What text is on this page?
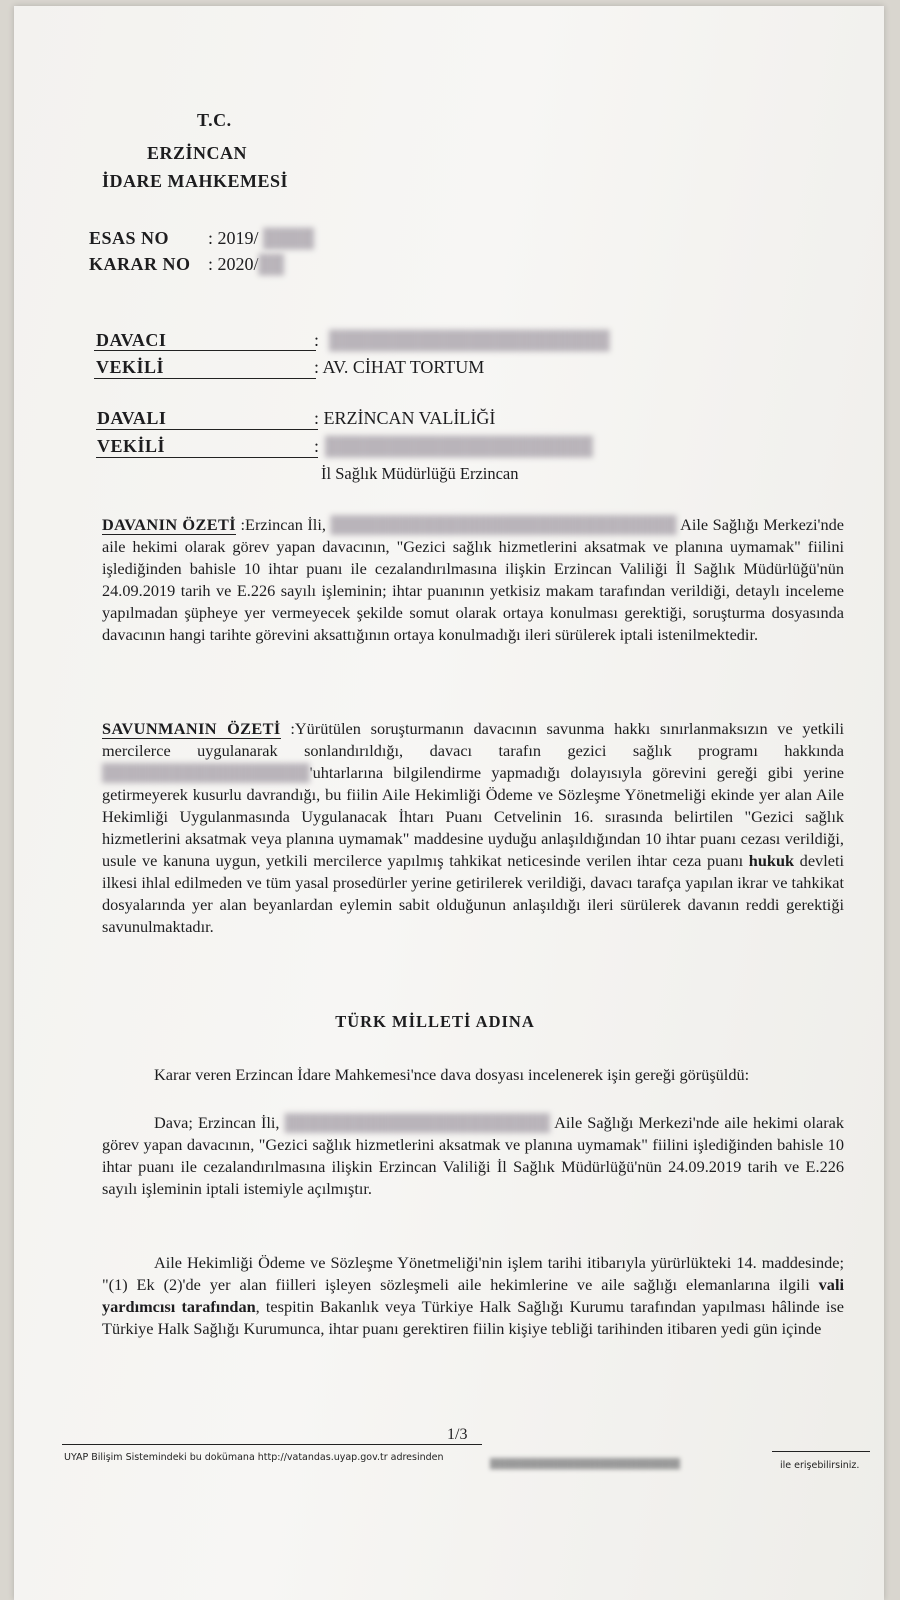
T.C.
ERZİNCAN
İDARE MAHKEMESİ
ESAS NO : 2019/ ████
KARAR NO : 2020/██
DAVACI	: ██████████████████████
VEKİLİ	: AV. CİHAT TORTUM
DAVALI	: ERZİNCAN VALİLİĞİ
VEKİLİ	: █████████████████████
İl Sağlık Müdürlüğü Erzincan
DAVANIN ÖZETİ :Erzincan İli, ██████████████████████████████ Aile Sağlığı Merkezi'nde aile hekimi olarak görev yapan davacının, "Gezici sağlık hizmetlerini aksatmak ve planına uymamak" fiilini işlediğinden bahisle 10 ihtar puanı ile cezalandırılmasına ilişkin Erzincan Valiliği İl Sağlık Müdürlüğü'nün 24.09.2019 tarih ve E.226 sayılı işleminin; ihtar puanının yetkisiz makam tarafından verildiği, detaylı inceleme yapılmadan şüpheye yer vermeyecek şekilde somut olarak ortaya konulması gerektiği, soruşturma dosyasında davacının hangi tarihte görevini aksattığının ortaya konulmadığı ileri sürülerek iptali istenilmektedir.
SAVUNMANIN ÖZETİ :Yürütülen soruşturmanın davacının savunma hakkı sınırlanmaksızın ve yetkili mercilerce uygulanarak sonlandırıldığı, davacı tarafın gezici sağlık programı hakkında ██████████████████'uhtarlarına bilgilendirme yapmadığı dolayısıyla görevini gereği gibi yerine getirmeyerek kusurlu davrandığı, bu fiilin Aile Hekimliği Ödeme ve Sözleşme Yönetmeliği ekinde yer alan Aile Hekimliği Uygulanmasında Uygulanacak İhtarı Puanı Cetvelinin 16. sırasında belirtilen "Gezici sağlık hizmetlerini aksatmak veya planına uymamak" maddesine uyduğu anlaşıldığından 10 ihtar puanı cezası verildiği, usule ve kanuna uygun, yetkili mercilerce yapılmış tahkikat neticesinde verilen ihtar ceza puanı hukuk devleti ilkesi ihlal edilmeden ve tüm yasal prosedürler yerine getirilerek verildiği, davacı tarafça yapılan ikrar ve tahkikat dosyalarında yer alan beyanlardan eylemin sabit olduğunun anlaşıldığı ileri sürülerek davanın reddi gerektiği savunulmaktadır.
TÜRK MİLLETİ ADINA
Karar veren Erzincan İdare Mahkemesi'nce dava dosyası incelenerek işin gereği görüşüldü:
Dava; Erzincan İli, ███████████████████████ Aile Sağlığı Merkezi'nde aile hekimi olarak görev yapan davacının, "Gezici sağlık hizmetlerini aksatmak ve planına uymamak" fiilini işlediğinden bahisle 10 ihtar puanı ile cezalandırılmasına ilişkin Erzincan Valiliği İl Sağlık Müdürlüğü'nün 24.09.2019 tarih ve E.226 sayılı işleminin iptali istemiyle açılmıştır.
Aile Hekimliği Ödeme ve Sözleşme Yönetmeliği'nin işlem tarihi itibarıyla yürürlükteki 14. maddesinde; "(1) Ek (2)'de yer alan fiilleri işleyen sözleşmeli aile hekimlerine ve aile sağlığı elemanlarına ilgili vali yardımcısı tarafından, tespitin Bakanlık veya Türkiye Halk Sağlığı Kurumu tarafından yapılması hâlinde ise Türkiye Halk Sağlığı Kurumunca, ihtar puanı gerektiren fiilin kişiye tebliği tarihinden itibaren yedi gün içinde
1/3
UYAP Bilişim Sistemindeki bu dokümana http://vatandas.uyap.gov.tr adresinden
██████████████████████████	ile erişebilirsiniz.
